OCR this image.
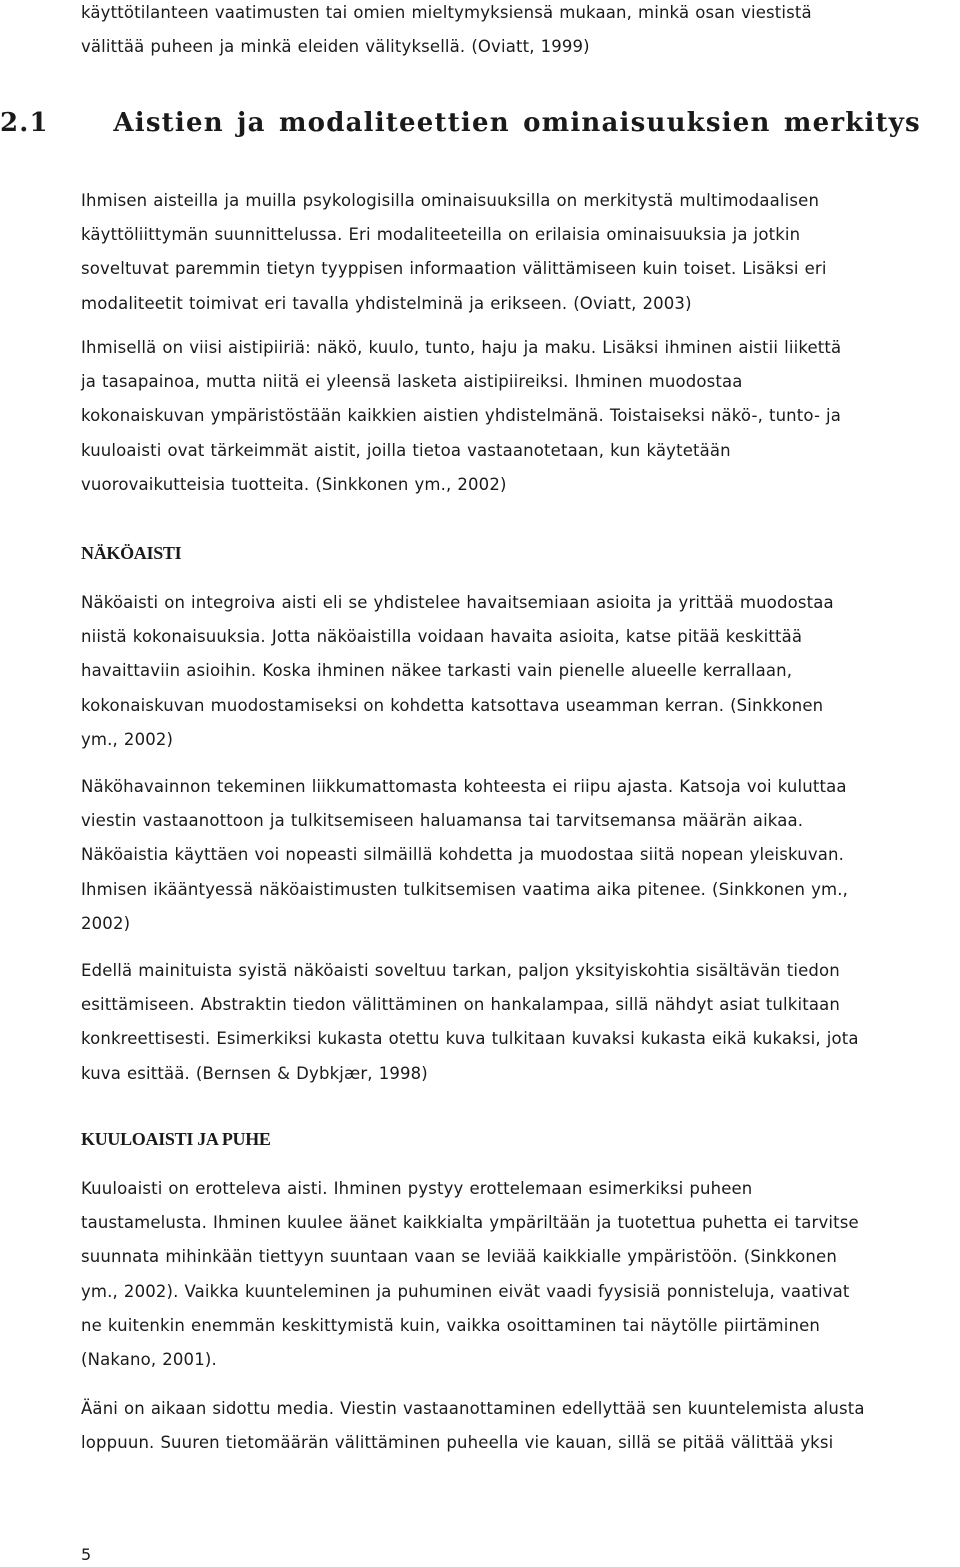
käyttötilanteen vaatimusten tai omien mieltymyksiensä mukaan, minkä osan viestistä
välittää puheen ja minkä eleiden välityksellä. (Oviatt, 1999)

2.1 Aistien ja modaliteettien ominaisuuksien merkitys

Ihmisen aisteilla ja muilla psykologisilla ominaisuuksilla on merkitystä multimodaalisen
käyttöliittymän suunnittelussa. Eri modaliteeteilla on erilaisia ominaisuuksia ja jotkin
soveltuvat paremmin tietyn tyyppisen informaation välittämiseen kuin toiset. Lisäksi eri
modaliteetit toimivat eri tavalla yhdistelminä ja erikseen. (Oviatt, 2003)

Ihmisellä on viisi aistipiiriä: näkö, kuulo, tunto, haju ja maku. Lisäksi ihminen aistii liikettä
ja tasapainoa, mutta niitä ei yleensä lasketa aistipiireiksi. Ihminen muodostaa
kokonaiskuvan ympäristöstään kaikkien aistien yhdistelmänä. Toistaiseksi näkö-, tunto- ja
kuuloaisti ovat tärkeimmät aistit, joilla tietoa vastaanotetaan, kun käytetään
vuorovaikutteisia tuotteita. (Sinkkonen ym., 2002)

NÄKÖAISTI

Näköaisti on integroiva aisti eli se yhdistelee havaitsemiaan asioita ja yrittää muodostaa
niistä kokonaisuuksia. Jotta näköaistilla voidaan havaita asioita, katse pitää keskittää
havaittaviin asioihin. Koska ihminen näkee tarkasti vain pienelle alueelle kerrallaan,
kokonaiskuvan muodostamiseksi on kohdetta katsottava useamman kerran. (Sinkkonen
ym., 2002)

Näköhavainnon tekeminen liikkumattomasta kohteesta ei riipu ajasta. Katsoja voi kuluttaa
viestin vastaanottoon ja tulkitsemiseen haluamansa tai tarvitsemansa määrän aikaa.
Näköaistia käyttäen voi nopeasti silmäillä kohdetta ja muodostaa siitä nopean yleiskuvan.
Ihmisen ikääntyessä näköaistimusten tulkitsemisen vaatima aika pitenee. (Sinkkonen ym.,
2002)

Edellä mainituista syistä näköaisti soveltuu tarkan, paljon yksityiskohtia sisältävän tiedon
esittämiseen. Abstraktin tiedon välittäminen on hankalampaa, sillä nähdyt asiat tulkitaan
konkreettisesti. Esimerkiksi kukasta otettu kuva tulkitaan kuvaksi kukasta eikä kukaksi, jota
kuva esittää. (Bernsen & Dybkjær, 1998)

KUULOAISTI JA PUHE

Kuuloaisti on erotteleva aisti. Ihminen pystyy erottelemaan esimerkiksi puheen
taustamelusta. Ihminen kuulee äänet kaikkialta ympäriltään ja tuotettua puhetta ei tarvitse
suunnata mihinkään tiettyyn suuntaan vaan se leviää kaikkialle ympäristöön. (Sinkkonen
ym., 2002). Vaikka kuunteleminen ja puhuminen eivät vaadi fyysisiä ponnisteluja, vaativat
ne kuitenkin enemmän keskittymistä kuin, vaikka osoittaminen tai näytölle piirtäminen
(Nakano, 2001).

Ääni on aikaan sidottu media. Viestin vastaanottaminen edellyttää sen kuuntelemista alusta
loppuun. Suuren tietomäärän välittäminen puheella vie kauan, sillä se pitää välittää yksi

5
